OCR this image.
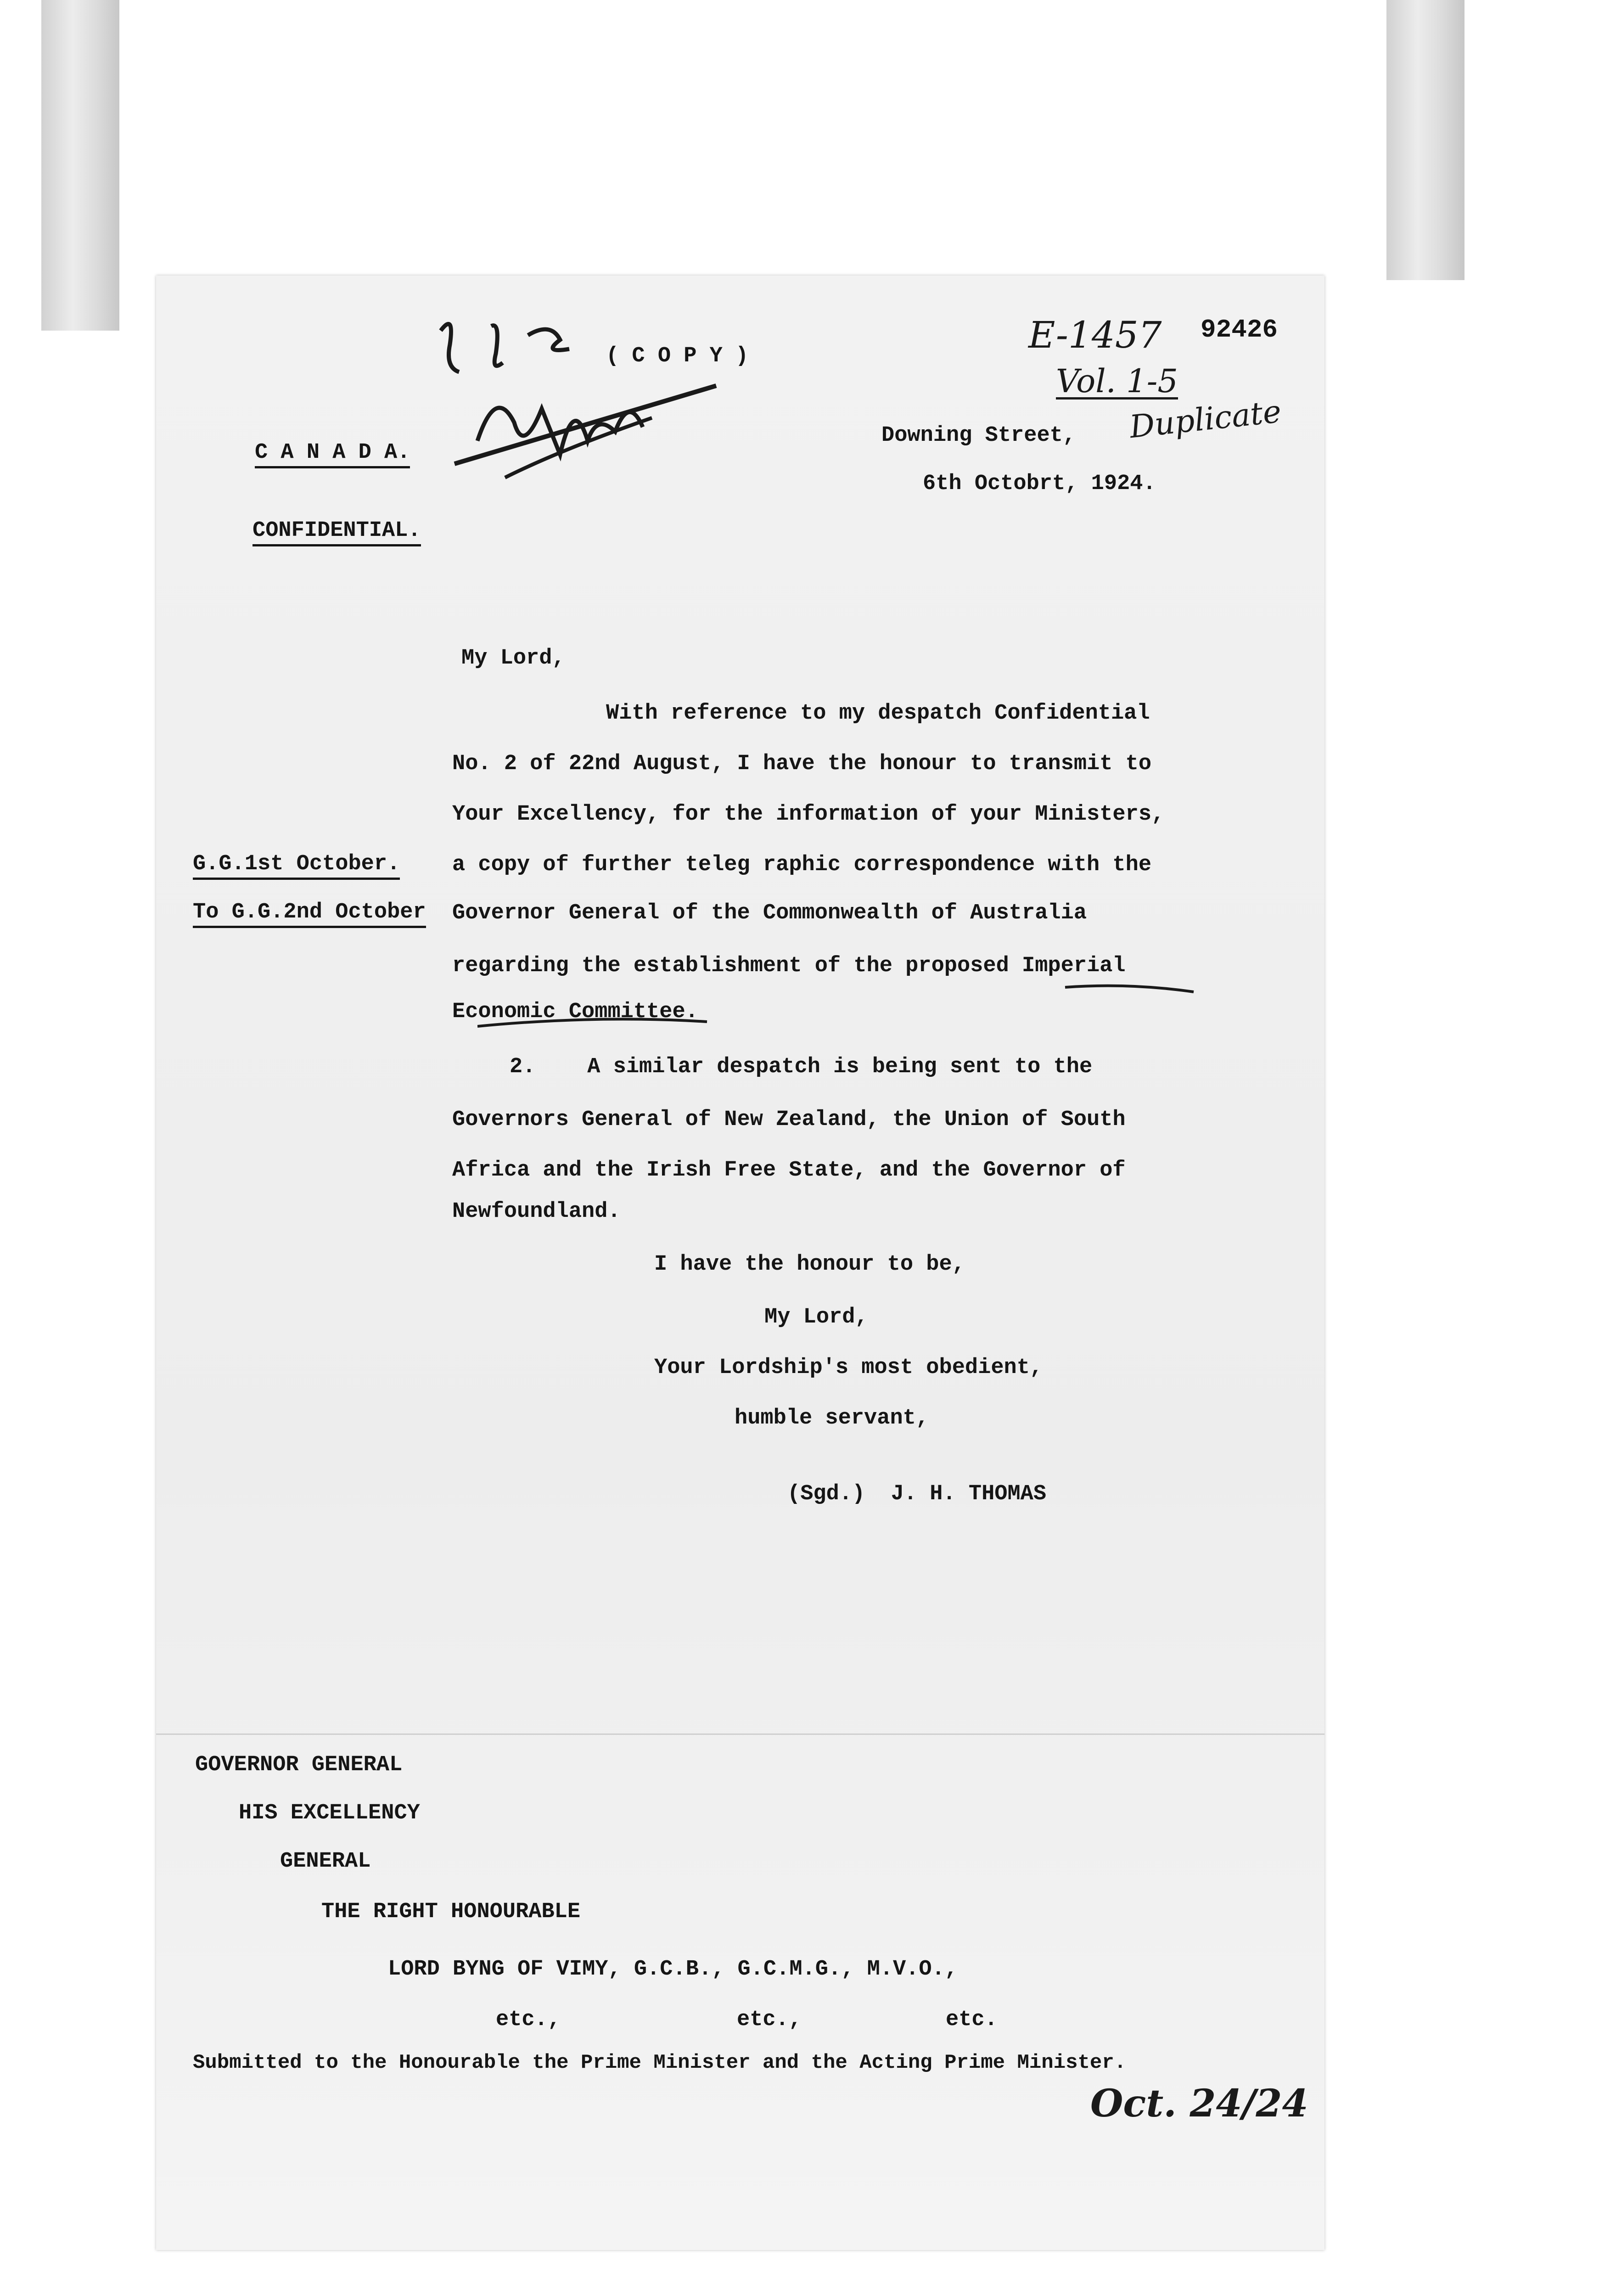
( C O P Y )	E-1457 92426
Vol. 1-5
Duplicate
C A N A D A.
CONFIDENTIAL.
Downing Street,
6th Octobrt, 1924.
My Lord,
G.G.1st October.
To G.G.2nd October
With reference to my despatch Confidential
No. 2 of 22nd August, I have the honour to transmit to
Your Excellency, for the information of your Ministers,
a copy of further teleg raphic correspondence with the
Governor General of the Commonwealth of Australia
regarding the establishment of the proposed Imperial
Economic Committee.
2.    A similar despatch is being sent to the
Governors General of New Zealand, the Union of South
Africa and the Irish Free State, and the Governor of
Newfoundland.
I have the honour to be,
My Lord,
Your Lordship's most obedient,
humble servant,
(Sgd.)  J. H. THOMAS
GOVERNOR GENERAL
HIS EXCELLENCY
GENERAL
THE RIGHT HONOURABLE
LORD BYNG OF VIMY, G.C.B., G.C.M.G., M.V.O.,
etc.,	etc.,	etc.
Submitted to the Honourable the Prime Minister and the Acting Prime Minister.
Oct. 24/24
